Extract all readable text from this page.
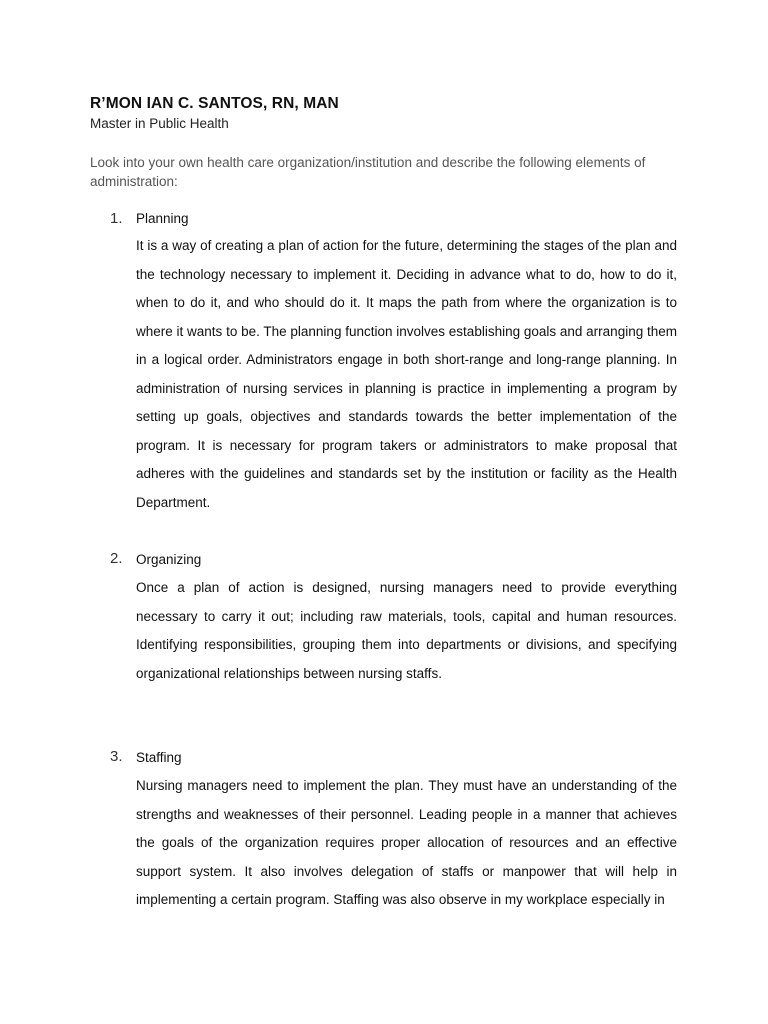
R’MON IAN C. SANTOS, RN, MAN
Master in Public Health
Look into your own health care organization/institution and describe the following elements of administration:
1. Planning
It is a way of creating a plan of action for the future, determining the stages of the plan and the technology necessary to implement it. Deciding in advance what to do, how to do it, when to do it, and who should do it. It maps the path from where the organization is to where it wants to be. The planning function involves establishing goals and arranging them in a logical order. Administrators engage in both short-range and long-range planning. In administration of nursing services in planning is practice in implementing a program by setting up goals, objectives and standards towards the better implementation of the program. It is necessary for program takers or administrators to make proposal that adheres with the guidelines and standards set by the institution or facility as the Health Department.
2. Organizing
Once a plan of action is designed, nursing managers need to provide everything necessary to carry it out; including raw materials, tools, capital and human resources. Identifying responsibilities, grouping them into departments or divisions, and specifying organizational relationships between nursing staffs.
3. Staffing
Nursing managers need to implement the plan. They must have an understanding of the strengths and weaknesses of their personnel. Leading people in a manner that achieves the goals of the organization requires proper allocation of resources and an effective support system. It also involves delegation of staffs or manpower that will help in implementing a certain program. Staffing was also observe in my workplace especially in
